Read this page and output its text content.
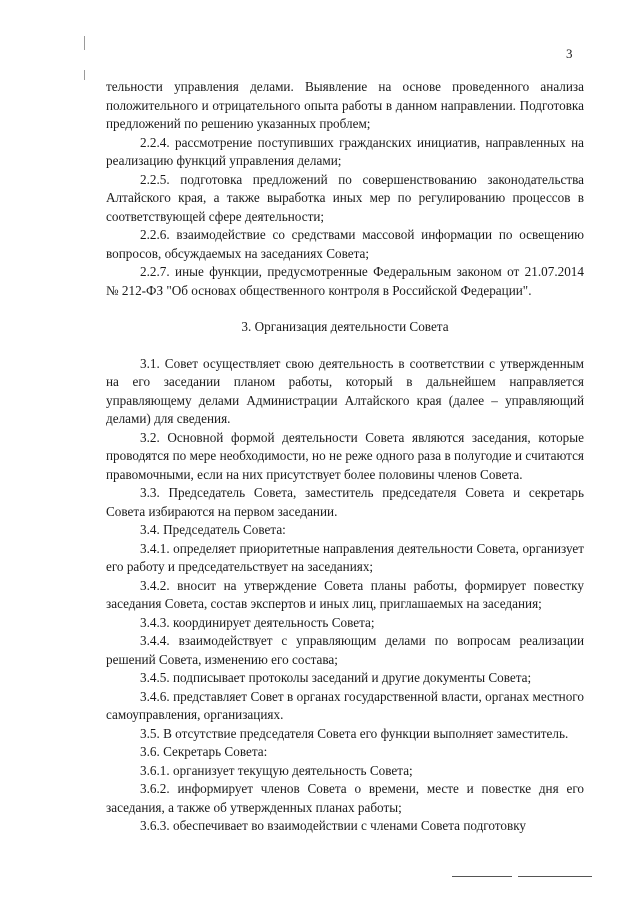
3

тельности управления делами. Выявление на основе проведенного анализа положительного и отрицательного опыта работы в данном направлении. Подготовка предложений по решению указанных проблем;

2.2.4. рассмотрение поступивших гражданских инициатив, направленных на реализацию функций управления делами;

2.2.5. подготовка предложений по совершенствованию законодательства Алтайского края, а также выработка иных мер по регулированию процессов в соответствующей сфере деятельности;

2.2.6. взаимодействие со средствами массовой информации по освещению вопросов, обсуждаемых на заседаниях Совета;

2.2.7. иные функции, предусмотренные Федеральным законом от 21.07.2014 № 212-ФЗ "Об основах общественного контроля в Российской Федерации".

3. Организация деятельности Совета

3.1. Совет осуществляет свою деятельность в соответствии с утвержденным на его заседании планом работы, который в дальнейшем направляется управляющему делами Администрации Алтайского края (далее – управляющий делами) для сведения.

3.2. Основной формой деятельности Совета являются заседания, которые проводятся по мере необходимости, но не реже одного раза в полугодие и считаются правомочными, если на них присутствует более половины членов Совета.

3.3. Председатель Совета, заместитель председателя Совета и секретарь Совета избираются на первом заседании.

3.4. Председатель Совета:

3.4.1. определяет приоритетные направления деятельности Совета, организует его работу и председательствует на заседаниях;

3.4.2. вносит на утверждение Совета планы работы, формирует повестку заседания Совета, состав экспертов и иных лиц, приглашаемых на заседания;

3.4.3. координирует деятельность Совета;

3.4.4. взаимодействует с управляющим делами по вопросам реализации решений Совета, изменению его состава;

3.4.5. подписывает протоколы заседаний и другие документы Совета;

3.4.6. представляет Совет в органах государственной власти, органах местного самоуправления, организациях.

3.5. В отсутствие председателя Совета его функции выполняет заместитель.

3.6. Секретарь Совета:

3.6.1. организует текущую деятельность Совета;

3.6.2. информирует членов Совета о времени, месте и повестке дня его заседания, а также об утвержденных планах работы;

3.6.3. обеспечивает во взаимодействии с членами Совета подготовку
